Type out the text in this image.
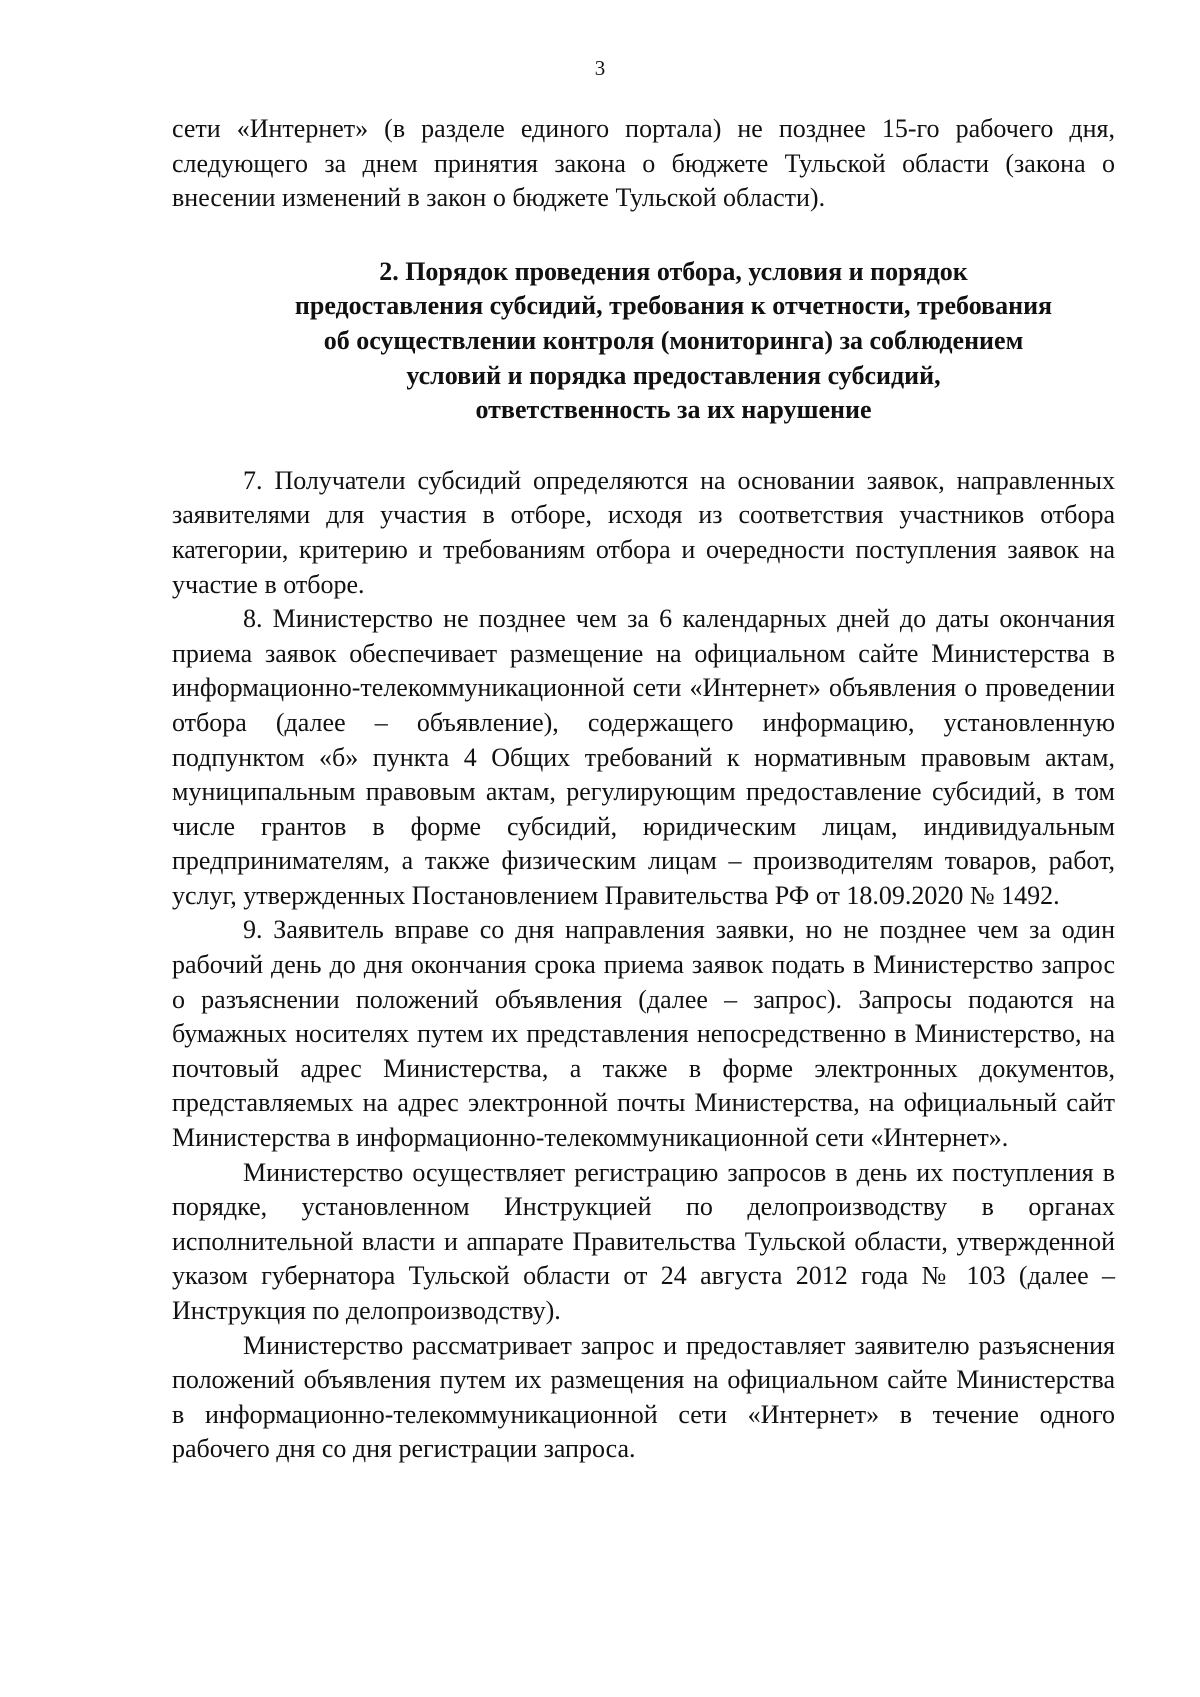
3

сети «Интернет» (в разделе единого портала) не позднее 15-го рабочего дня, следующего за днем принятия закона о бюджете Тульской области (закона о внесении изменений в закон о бюджете Тульской области).

2. Порядок проведения отбора, условия и порядок
предоставления субсидий, требования к отчетности, требования
об осуществлении контроля (мониторинга) за соблюдением
условий и порядка предоставления субсидий,
ответственность за их нарушение

7. Получатели субсидий определяются на основании заявок, направленных заявителями для участия в отборе, исходя из соответствия участников отбора категории, критерию и требованиям отбора и очередности поступления заявок на участие в отборе.

8. Министерство не позднее чем за 6 календарных дней до даты окончания приема заявок обеспечивает размещение на официальном сайте Министерства в информационно-телекоммуникационной сети «Интернет» объявления о проведении отбора (далее – объявление), содержащего информацию, установленную подпунктом «б» пункта 4 Общих требований к нормативным правовым актам, муниципальным правовым актам, регулирующим предоставление субсидий, в том числе грантов в форме субсидий, юридическим лицам, индивидуальным предпринимателям, а также физическим лицам – производителям товаров, работ, услуг, утвержденных Постановлением Правительства РФ от 18.09.2020 № 1492.

9. Заявитель вправе со дня направления заявки, но не позднее чем за один рабочий день до дня окончания срока приема заявок подать в Министерство запрос о разъяснении положений объявления (далее – запрос). Запросы подаются на бумажных носителях путем их представления непосредственно в Министерство, на почтовый адрес Министерства, а также в форме электронных документов, представляемых на адрес электронной почты Министерства, на официальный сайт Министерства в информационно-телекоммуникационной сети «Интернет».

Министерство осуществляет регистрацию запросов в день их поступления в порядке, установленном Инструкцией по делопроизводству в органах исполнительной власти и аппарате Правительства Тульской области, утвержденной указом губернатора Тульской области от 24 августа 2012 года № 103 (далее – Инструкция по делопроизводству).

Министерство рассматривает запрос и предоставляет заявителю разъяснения положений объявления путем их размещения на официальном сайте Министерства в информационно-телекоммуникационной сети «Интернет» в течение одного рабочего дня со дня регистрации запроса.
